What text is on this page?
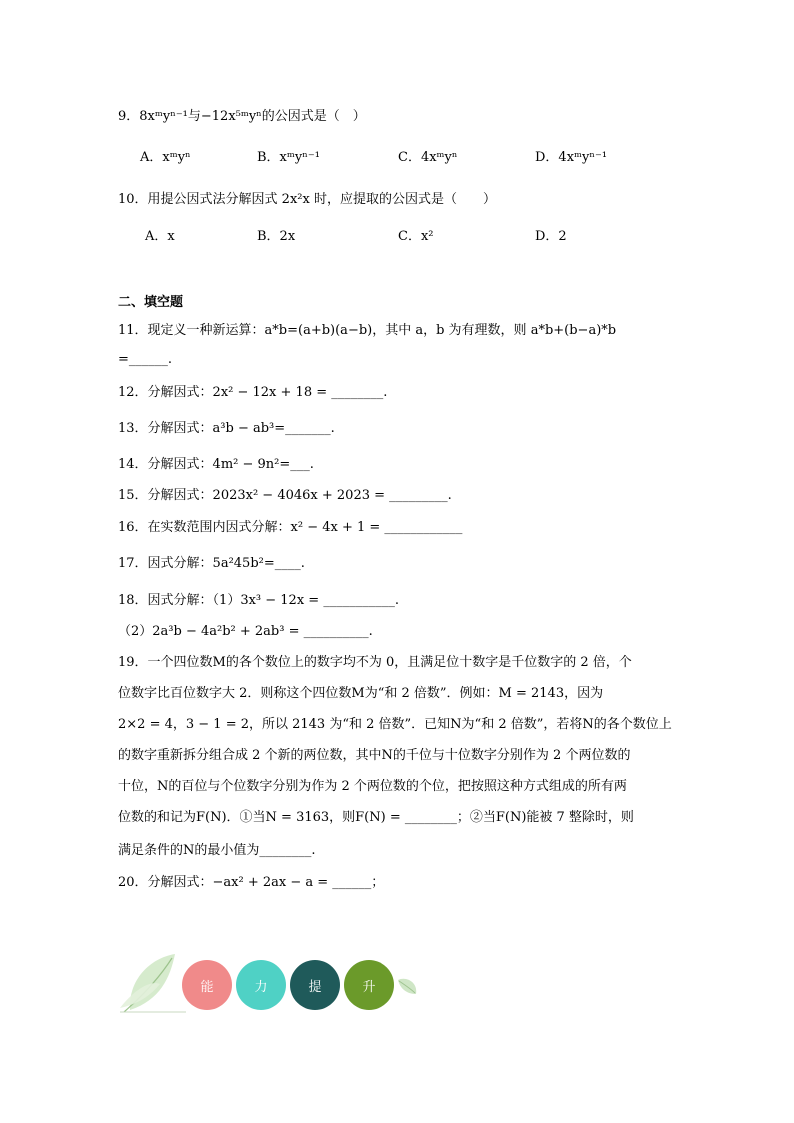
9．8xᵐyⁿ⁻¹与−12x⁵ᵐyⁿ的公因式是（　）
A．xᵐyⁿ	B．xᵐyⁿ⁻¹	C．4xᵐyⁿ	D．4xᵐyⁿ⁻¹
10．用提公因式法分解因式 2x²x 时，应提取的公因式是（　　）
A．x	B．2x	C．x²	D．2
二、填空题
11．现定义一种新运算：a*b=(a+b)(a−b)，其中 a，b 为有理数，则 a*b+(b−a)*b
=______.
12．分解因式：2x² − 12x + 18 = ________.
13．分解因式：a³b − ab³=_______.
14．分解因式：4m² − 9n²=___.
15．分解因式：2023x² − 4046x + 2023 = _________.
16．在实数范围内因式分解：x² − 4x + 1 = ____________
17．因式分解：5a²45b²=____.
18．因式分解：（1）3x³ − 12x = ___________.
（2）2a³b − 4a²b² + 2ab³ = __________.
19．一个四位数M的各个数位上的数字均不为 0，且满足位十数字是千位数字的 2 倍，个
位数字比百位数字大 2．则称这个四位数M为“和 2 倍数”．例如：M = 2143，因为
2×2 = 4，3 − 1 = 2，所以 2143 为“和 2 倍数”．已知N为“和 2 倍数”，若将N的各个数位上
的数字重新拆分组合成 2 个新的两位数，其中N的千位与十位数字分别作为 2 个两位数的
十位，N的百位与个位数字分别为作为 2 个两位数的个位，把按照这种方式组成的所有两
位数的和记为F(N)．①当N = 3163，则F(N) = ________；②当F(N)能被 7 整除时，则
满足条件的N的最小值为________.
20．分解因式：−ax² + 2ax − a = ______；
能	力	提	升
